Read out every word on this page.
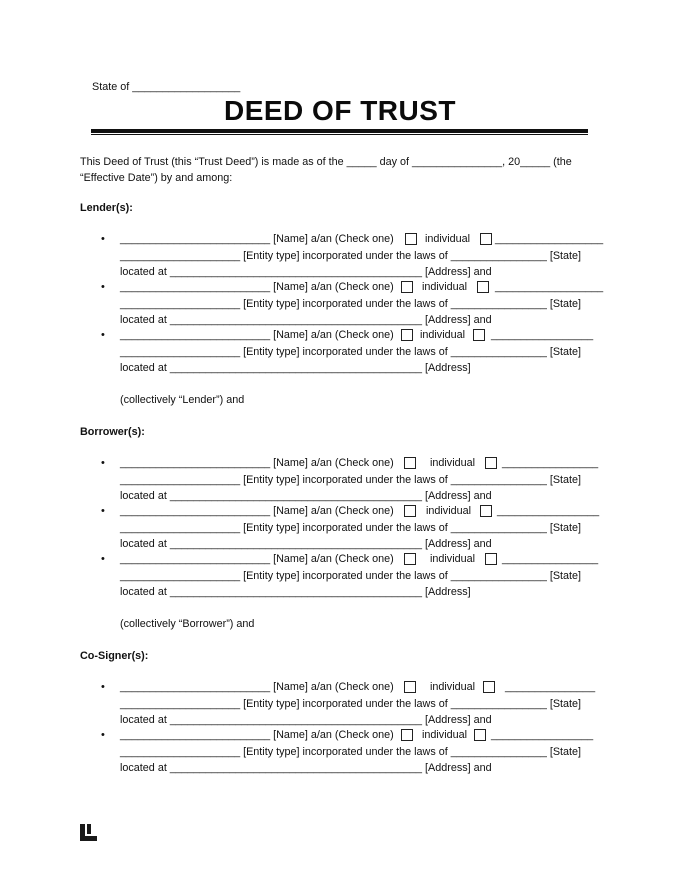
State of __________________
DEED OF TRUST
This Deed of Trust (this “Trust Deed”) is made as of the _____ day of _______________, 20_____ (the
“Effective Date”) by and among:
Lender(s):
• _________________________ [Name] a/an (Check one)	individual __________________
____________________ [Entity type] incorporated under the laws of ________________ [State]
located at __________________________________________ [Address] and
• _________________________ [Name] a/an (Check one)	individual	__________________
____________________ [Entity type] incorporated under the laws of ________________ [State]
located at __________________________________________ [Address] and
• _________________________ [Name] a/an (Check one) individual _________________
____________________ [Entity type] incorporated under the laws of ________________ [State]
located at __________________________________________ [Address]
(collectively “Lender”) and
Borrower(s):
• _________________________ [Name] a/an (Check one)	individual ________________
____________________ [Entity type] incorporated under the laws of ________________ [State]
located at __________________________________________ [Address] and
• _________________________ [Name] a/an (Check one)	individual _________________
____________________ [Entity type] incorporated under the laws of ________________ [State]
located at __________________________________________ [Address] and
• _________________________ [Name] a/an (Check one)	individual ________________
____________________ [Entity type] incorporated under the laws of ________________ [State]
located at __________________________________________ [Address]
(collectively “Borrower”) and
Co-Signer(s):
• _________________________ [Name] a/an (Check one)	individual	_______________
____________________ [Entity type] incorporated under the laws of ________________ [State]
located at __________________________________________ [Address] and
• _________________________ [Name] a/an (Check one)	individual _________________
____________________ [Entity type] incorporated under the laws of ________________ [State]
located at __________________________________________ [Address] and
